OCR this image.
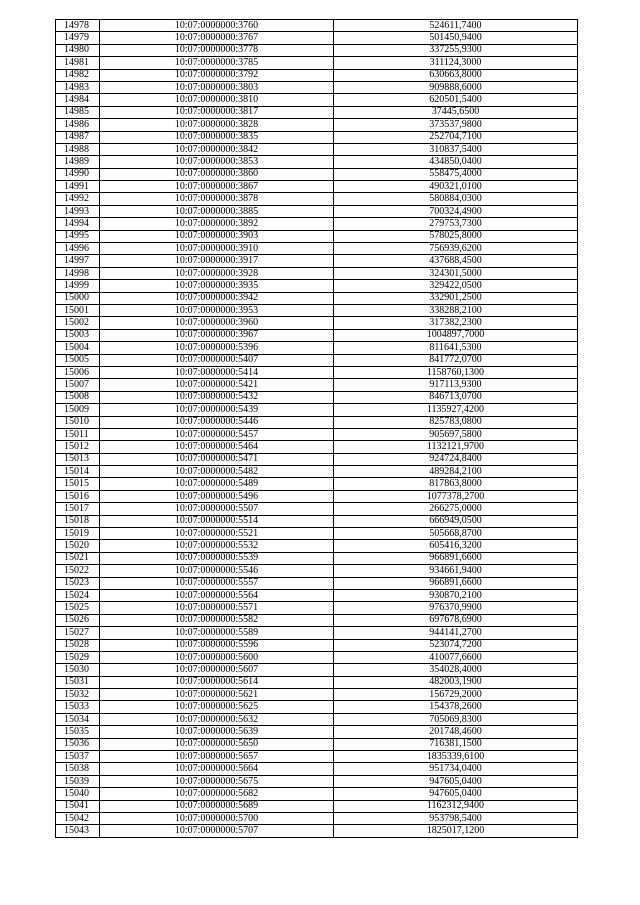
14978	10:07:0000000:3760	524611,7400
14979	10:07:0000000:3767	501450,9400
14980	10:07:0000000:3778	337255,9300
14981	10:07:0000000:3785	311124,3000
14982	10:07:0000000:3792	630663,8000
14983	10:07:0000000:3803	909888,6000
14984	10:07:0000000:3810	620501,5400
14985	10:07:0000000:3817	37445,6500
14986	10:07:0000000:3828	373537,9800
14987	10:07:0000000:3835	252704,7100
14988	10:07:0000000:3842	310837,5400
14989	10:07:0000000:3853	434850,0400
14990	10:07:0000000:3860	558475,4000
14991	10:07:0000000:3867	490321,0100
14992	10:07:0000000:3878	580884,0300
14993	10:07:0000000:3885	700324,4900
14994	10:07:0000000:3892	279753,7300
14995	10:07:0000000:3903	578025,8000
14996	10:07:0000000:3910	756939,6200
14997	10:07:0000000:3917	437688,4500
14998	10:07:0000000:3928	324301,5000
14999	10:07:0000000:3935	329422,0500
15000	10:07:0000000:3942	332901,2500
15001	10:07:0000000:3953	338288,2100
15002	10:07:0000000:3960	317382,2300
15003	10:07:0000000:3967	1004897,7000
15004	10:07:0000000:5396	811641,5300
15005	10:07:0000000:5407	841772,0700
15006	10:07:0000000:5414	1158760,1300
15007	10:07:0000000:5421	917113,9300
15008	10:07:0000000:5432	846713,0700
15009	10:07:0000000:5439	1135927,4200
15010	10:07:0000000:5446	825783,0800
15011	10:07:0000000:5457	905697,5800
15012	10:07:0000000:5464	1132121,9700
15013	10:07:0000000:5471	924724,8400
15014	10:07:0000000:5482	489284,2100
15015	10:07:0000000:5489	817863,8000
15016	10:07:0000000:5496	1077378,2700
15017	10:07:0000000:5507	266275,0000
15018	10:07:0000000:5514	666949,0500
15019	10:07:0000000:5521	505668,8700
15020	10:07:0000000:5532	605416,3200
15021	10:07:0000000:5539	966891,6600
15022	10:07:0000000:5546	934661,9400
15023	10:07:0000000:5557	966891,6600
15024	10:07:0000000:5564	930870,2100
15025	10:07:0000000:5571	976370,9900
15026	10:07:0000000:5582	697678,6900
15027	10:07:0000000:5589	944141,2700
15028	10:07:0000000:5596	523074,7200
15029	10:07:0000000:5600	410077,6600
15030	10:07:0000000:5607	354028,4000
15031	10:07:0000000:5614	482003,1900
15032	10:07:0000000:5621	156729,2000
15033	10:07:0000000:5625	154378,2600
15034	10:07:0000000:5632	705069,8300
15035	10:07:0000000:5639	201748,4600
15036	10:07:0000000:5650	716381,1500
15037	10:07:0000000:5657	1835339,6100
15038	10:07:0000000:5664	951734,0400
15039	10:07:0000000:5675	947605,0400
15040	10:07:0000000:5682	947605,0400
15041	10:07:0000000:5689	1162312,9400
15042	10:07:0000000:5700	953798,5400
15043	10:07:0000000:5707	1825017,1200
